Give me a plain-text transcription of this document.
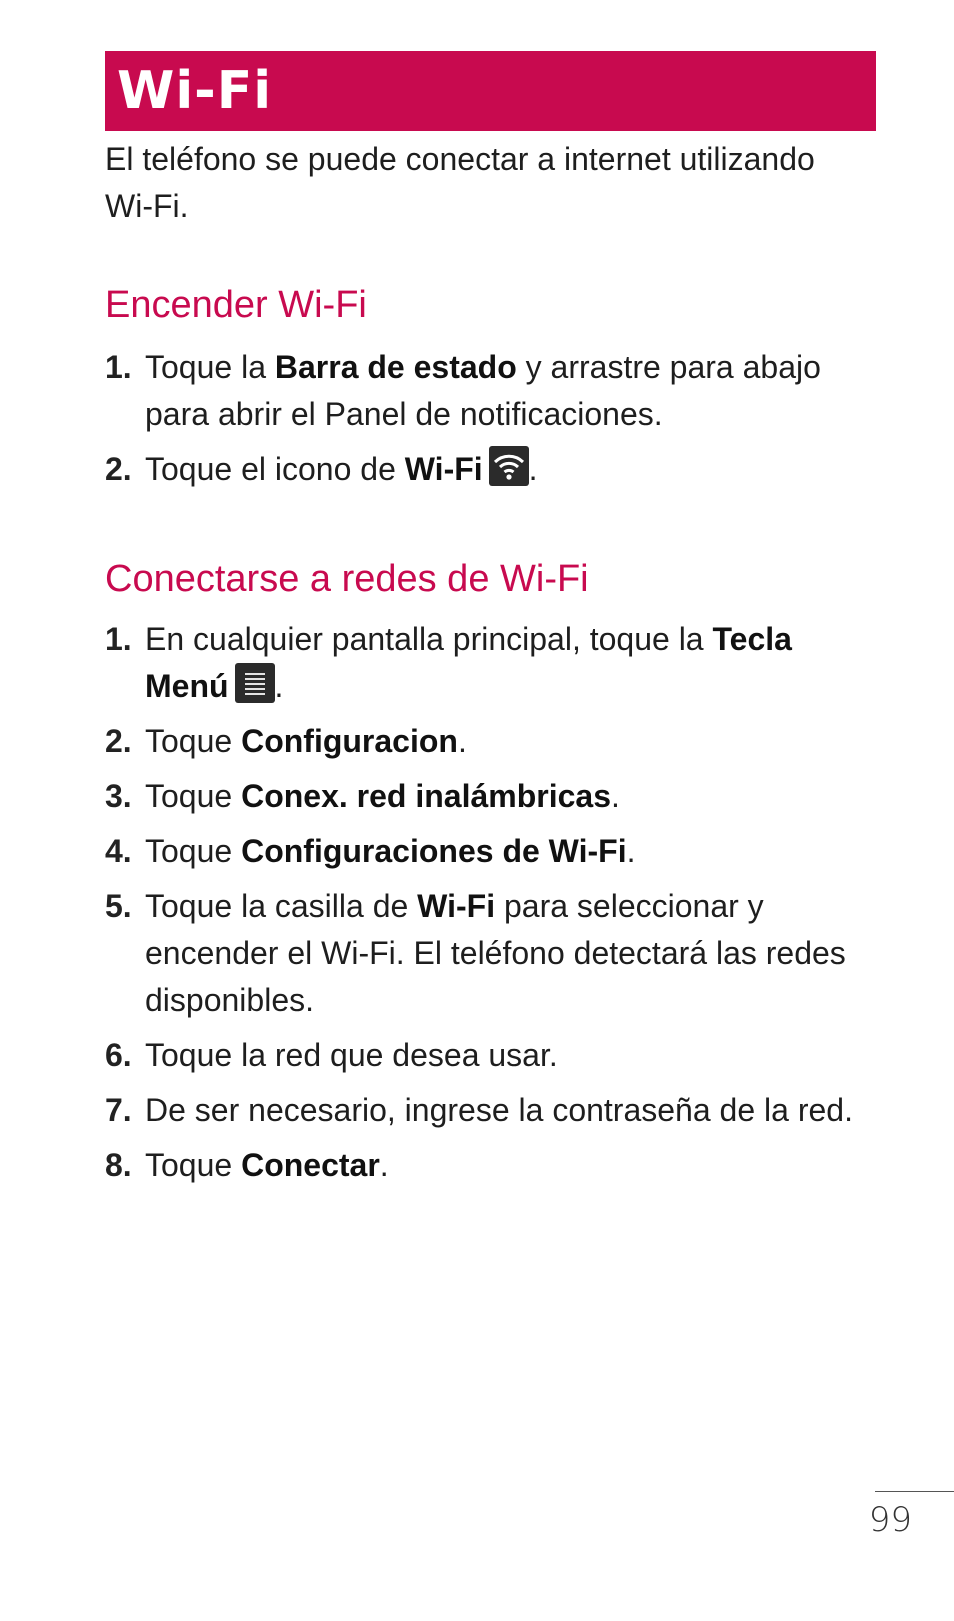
Wi-Fi

El teléfono se puede conectar a internet utilizando Wi-Fi.

Encender Wi-Fi
1. Toque la Barra de estado y arrastre para abajo para abrir el Panel de notificaciones.
2. Toque el icono de Wi-Fi .
Conectarse a redes de Wi-Fi
1. En cualquier pantalla principal, toque la Tecla Menú .
2. Toque Configuracion.
3. Toque Conex. red inalámbricas.
4. Toque Configuraciones de Wi-Fi.
5. Toque la casilla de Wi-Fi para seleccionar y encender el Wi-Fi. El teléfono detectará las redes disponibles.
6. Toque la red que desea usar.
7. De ser necesario, ingrese la contraseña de la red.
8. Toque Conectar.
99
